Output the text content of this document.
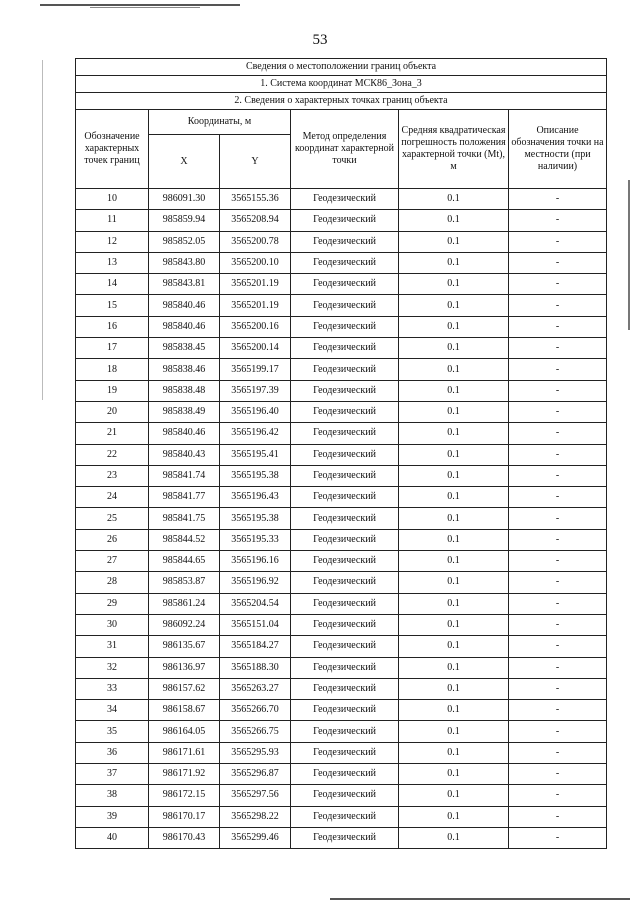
53
Сведения о местоположении границ объекта					
1. Система координат МСК86_Зона_3					
2. Сведения о характерных точках границ объекта					
Обозначение характерных точек границ	Координаты, м		Метод определения координат характерной точки	Средняя квадратическая погрешность положения характерной точки (Mt), м	Описание обозначения точки на местности (при наличии)
	X	Y			
10	986091.30	3565155.36	Геодезический	0.1	-
11	985859.94	3565208.94	Геодезический	0.1	-
12	985852.05	3565200.78	Геодезический	0.1	-
13	985843.80	3565200.10	Геодезический	0.1	-
14	985843.81	3565201.19	Геодезический	0.1	-
15	985840.46	3565201.19	Геодезический	0.1	-
16	985840.46	3565200.16	Геодезический	0.1	-
17	985838.45	3565200.14	Геодезический	0.1	-
18	985838.46	3565199.17	Геодезический	0.1	-
19	985838.48	3565197.39	Геодезический	0.1	-
20	985838.49	3565196.40	Геодезический	0.1	-
21	985840.46	3565196.42	Геодезический	0.1	-
22	985840.43	3565195.41	Геодезический	0.1	-
23	985841.74	3565195.38	Геодезический	0.1	-
24	985841.77	3565196.43	Геодезический	0.1	-
25	985841.75	3565195.38	Геодезический	0.1	-
26	985844.52	3565195.33	Геодезический	0.1	-
27	985844.65	3565196.16	Геодезический	0.1	-
28	985853.87	3565196.92	Геодезический	0.1	-
29	985861.24	3565204.54	Геодезический	0.1	-
30	986092.24	3565151.04	Геодезический	0.1	-
31	986135.67	3565184.27	Геодезический	0.1	-
32	986136.97	3565188.30	Геодезический	0.1	-
33	986157.62	3565263.27	Геодезический	0.1	-
34	986158.67	3565266.70	Геодезический	0.1	-
35	986164.05	3565266.75	Геодезический	0.1	-
36	986171.61	3565295.93	Геодезический	0.1	-
37	986171.92	3565296.87	Геодезический	0.1	-
38	986172.15	3565297.56	Геодезический	0.1	-
39	986170.17	3565298.22	Геодезический	0.1	-
40	986170.43	3565299.46	Геодезический	0.1	-
